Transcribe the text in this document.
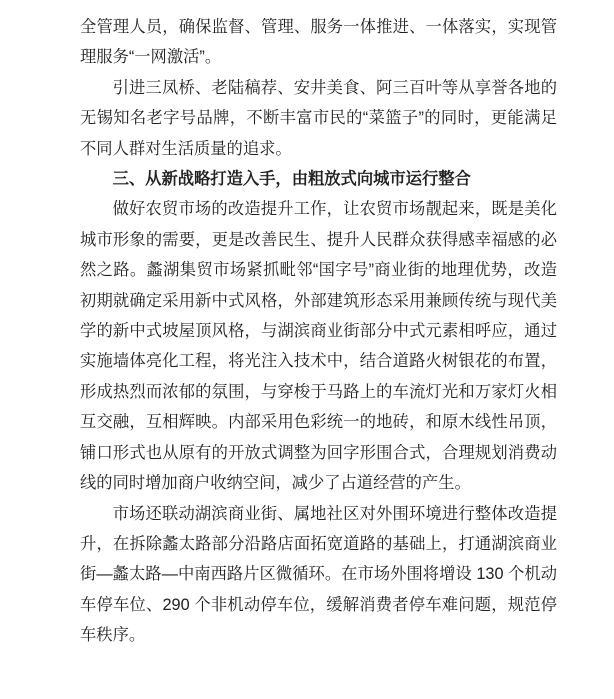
全管理人员，确保监督、管理、服务一体推进、一体落实，实现管理服务“一网激活”。

引进三凤桥、老陆稿荐、安井美食、阿三百叶等从享誉各地的无锡知名老字号品牌，不断丰富市民的“菜篮子”的同时，更能满足不同人群对生活质量的追求。

三、从新战略打造入手，由粗放式向城市运行整合

做好农贸市场的改造提升工作，让农贸市场靓起来，既是美化城市形象的需要，更是改善民生、提升人民群众获得感幸福感的必然之路。蠡湖集贸市场紧抓毗邻“国字号”商业街的地理优势，改造初期就确定采用新中式风格，外部建筑形态采用兼顾传统与现代美学的新中式坡屋顶风格，与湖滨商业街部分中式元素相呼应，通过实施墙体亮化工程，将光注入技术中，结合道路火树银花的布置，形成热烈而浓郁的氛围，与穿梭于马路上的车流灯光和万家灯火相互交融，互相辉映。内部采用色彩统一的地砖，和原木线性吊顶，铺口形式也从原有的开放式调整为回字形围合式，合理规划消费动线的同时增加商户收纳空间，减少了占道经营的产生。

市场还联动湖滨商业街、属地社区对外围环境进行整体改造提升，在拆除蠡太路部分沿路店面拓宽道路的基础上，打通湖滨商业街—蠡太路—中南西路片区微循环。在市场外围将增设 130 个机动车停车位、290 个非机动停车位，缓解消费者停车难问题，规范停车秩序。
